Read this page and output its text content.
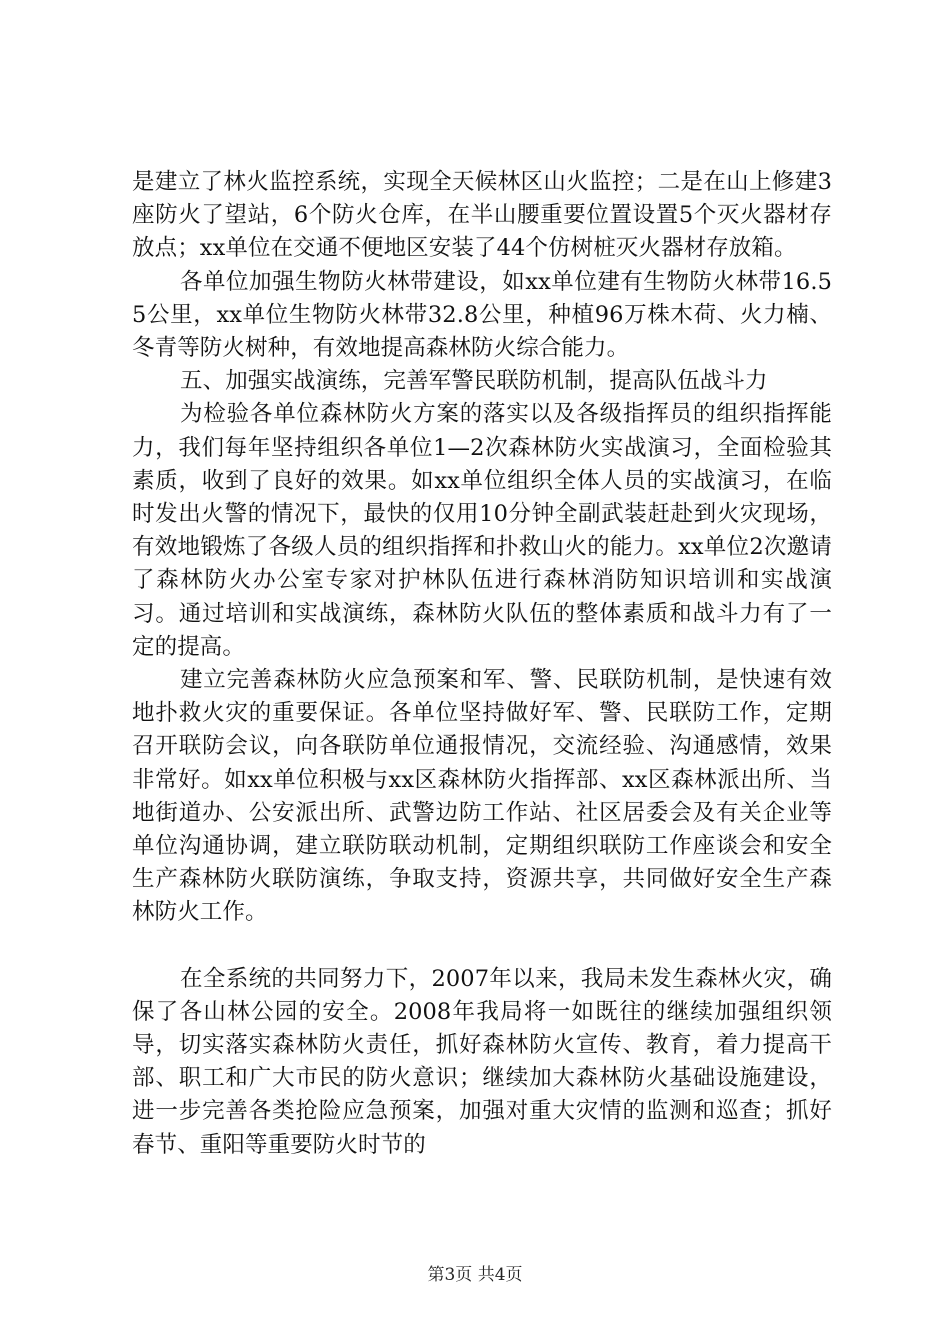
是建立了林火监控系统，实现全天候林区山火监控；二是在山上修建3座防火了望站，6个防火仓库，在半山腰重要位置设置5个灭火器材存放点；xx单位在交通不便地区安装了44个仿树桩灭火器材存放箱。

各单位加强生物防火林带建设，如xx单位建有生物防火林带16.55公里，xx单位生物防火林带32.8公里，种植96万株木荷、火力楠、冬青等防火树种，有效地提高森林防火综合能力。

五、加强实战演练，完善军警民联防机制，提高队伍战斗力

为检验各单位森林防火方案的落实以及各级指挥员的组织指挥能力，我们每年坚持组织各单位1—2次森林防火实战演习，全面检验其素质，收到了良好的效果。如xx单位组织全体人员的实战演习，在临时发出火警的情况下，最快的仅用10分钟全副武装赶赴到火灾现场，有效地锻炼了各级人员的组织指挥和扑救山火的能力。xx单位2次邀请了森林防火办公室专家对护林队伍进行森林消防知识培训和实战演习。通过培训和实战演练，森林防火队伍的整体素质和战斗力有了一定的提高。

建立完善森林防火应急预案和军、警、民联防机制，是快速有效地扑救火灾的重要保证。各单位坚持做好军、警、民联防工作，定期召开联防会议，向各联防单位通报情况，交流经验、沟通感情，效果非常好。如xx单位积极与xx区森林防火指挥部、xx区森林派出所、当地街道办、公安派出所、武警边防工作站、社区居委会及有关企业等单位沟通协调，建立联防联动机制，定期组织联防工作座谈会和安全生产森林防火联防演练，争取支持，资源共享，共同做好安全生产森林防火工作。

在全系统的共同努力下，2007年以来，我局未发生森林火灾，确保了各山林公园的安全。2008年我局将一如既往的继续加强组织领导，切实落实森林防火责任，抓好森林防火宣传、教育，着力提高干部、职工和广大市民的防火意识；继续加大森林防火基础设施建设，进一步完善各类抢险应急预案，加强对重大灾情的监测和巡查；抓好春节、重阳等重要防火时节的

第3页 共4页
